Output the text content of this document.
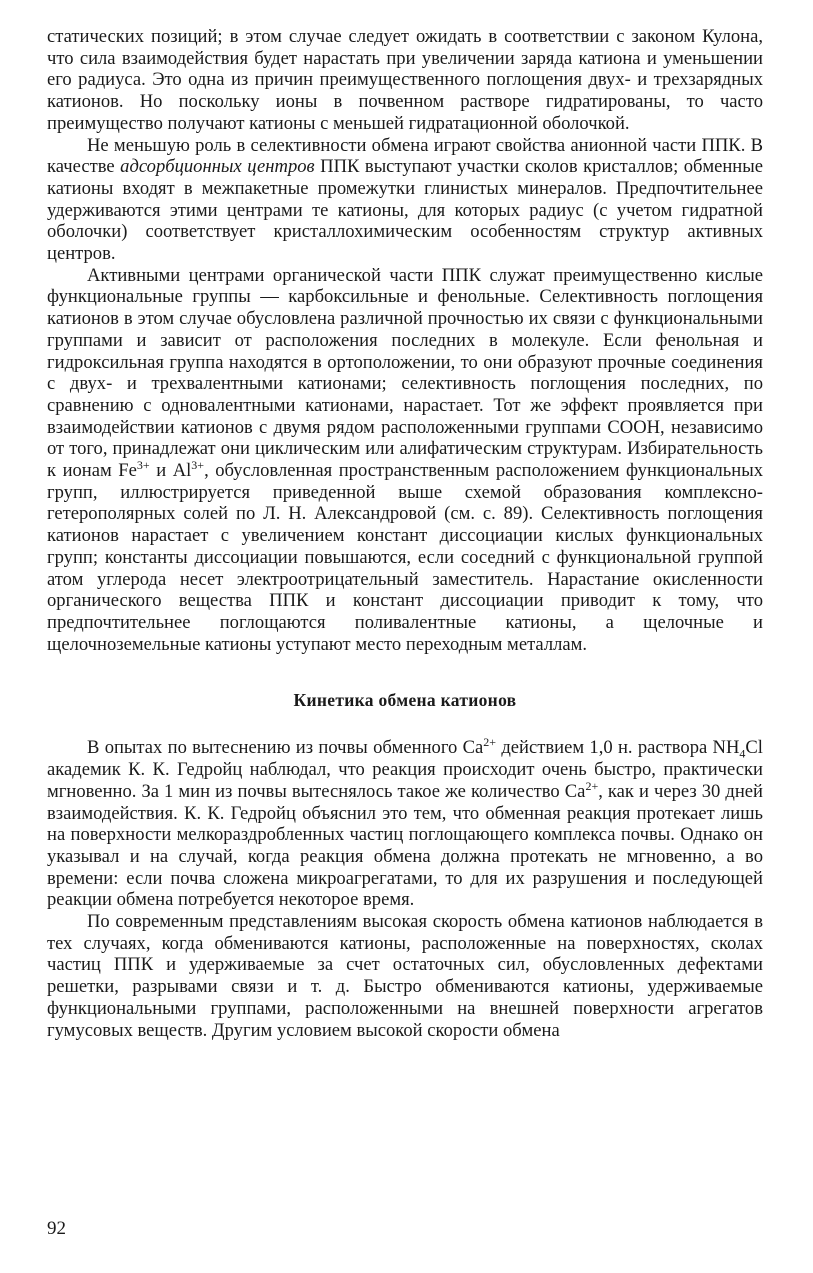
статических позиций; в этом случае следует ожидать в соответствии с законом Кулона, что сила взаимодействия будет нарастать при увеличении заряда катиона и уменьшении его радиуса. Это одна из причин преимущественного поглощения двух- и трехзарядных катионов. Но поскольку ионы в почвенном растворе гидратированы, то часто преимущество получают катионы с меньшей гидратационной оболочкой.

Не меньшую роль в селективности обмена играют свойства анионной части ППК. В качестве адсорбционных центров ППК выступают участки сколов кристаллов; обменные катионы входят в межпакетные промежутки глинистых минералов. Предпочтительнее удерживаются этими центрами те катионы, для которых радиус (с учетом гидратной оболочки) соответствует кристаллохимическим особенностям структур активных центров.

Активными центрами органической части ППК служат преимущественно кислые функциональные группы — карбоксильные и фенольные. Селективность поглощения катионов в этом случае обусловлена различной прочностью их связи с функциональными группами и зависит от расположения последних в молекуле. Если фенольная и гидроксильная группа находятся в ортоположении, то они образуют прочные соединения с двух- и трехвалентными катионами; селективность поглощения последних, по сравнению с одновалентными катионами, нарастает. Тот же эффект проявляется при взаимодействии катионов с двумя рядом расположенными группами СООН, независимо от того, принадлежат они циклическим или алифатическим структурам. Избирательность к ионам $Fe^{3+}$ и $Al^{3+}$, обусловленная пространственным расположением функциональных групп, иллюстрируется приведенной выше схемой образования комплексно-гетерополярных солей по Л. Н. Александровой (см. с. 89). Селективность поглощения катионов нарастает с увеличением констант диссоциации кислых функциональных групп; константы диссоциации повышаются, если соседний с функциональной группой атом углерода несет электроотрицательный заместитель. Нарастание окисленности органического вещества ППК и констант диссоциации приводит к тому, что предпочтительнее поглощаются поливалентные катионы, а щелочные и щелочноземельные катионы уступают место переходным металлам.

Кинетика обмена катионов

В опытах по вытеснению из почвы обменного $Ca^{2+}$ действием 1,0 н. раствора $NH_4Cl$ академик К. К. Гедройц наблюдал, что реакция происходит очень быстро, практически мгновенно. За 1 мин из почвы вытеснялось такое же количество $Ca^{2+}$, как и через 30 дней взаимодействия. К. К. Гедройц объяснил это тем, что обменная реакция протекает лишь на поверхности мелкораздробленных частиц поглощающего комплекса почвы. Однако он указывал и на случай, когда реакция обмена должна протекать не мгновенно, а во времени: если почва сложена микроагрегатами, то для их разрушения и последующей реакции обмена потребуется некоторое время.

По современным представлениям высокая скорость обмена катионов наблюдается в тех случаях, когда обмениваются катионы, расположенные на поверхностях, сколах частиц ППК и удерживаемые за счет остаточных сил, обусловленных дефектами решетки, разрывами связи и т. д. Быстро обмениваются катионы, удерживаемые функциональными группами, расположенными на внешней поверхности агрегатов гумусовых веществ. Другим условием высокой скорости обмена

92
